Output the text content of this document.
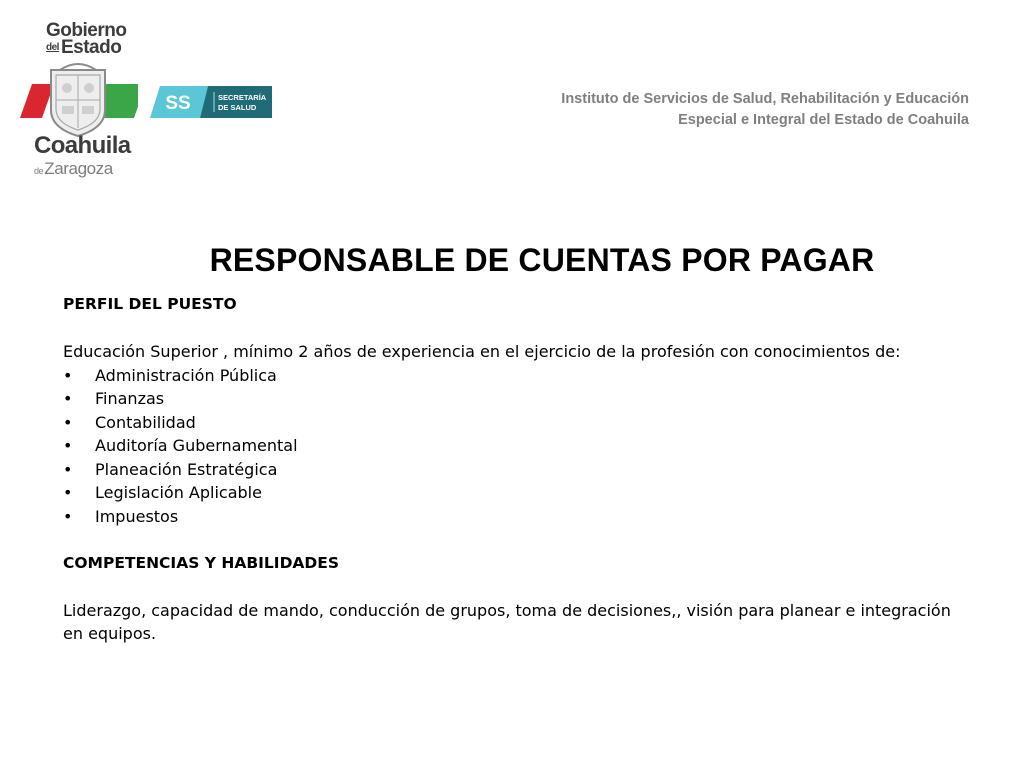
Gobierno
del Estado
Coahuila
deZaragoza
SS	SECRETARÍA
DE SALUD
Instituto de Servicios de Salud, Rehabilitación y Educación
Especial e Integral del Estado de Coahuila
RESPONSABLE DE CUENTAS POR PAGAR
PERFIL DEL PUESTO

Educación Superior , mínimo 2 años de experiencia en el ejercicio de la profesión con conocimientos de:

• Administración Pública
• Finanzas
• Contabilidad
• Auditoría Gubernamental
• Planeación Estratégica
• Legislación Aplicable
• Impuestos
COMPETENCIAS Y HABILIDADES

Liderazgo, capacidad de mando, conducción de grupos, toma de decisiones,, visión para planear e integración en equipos.
